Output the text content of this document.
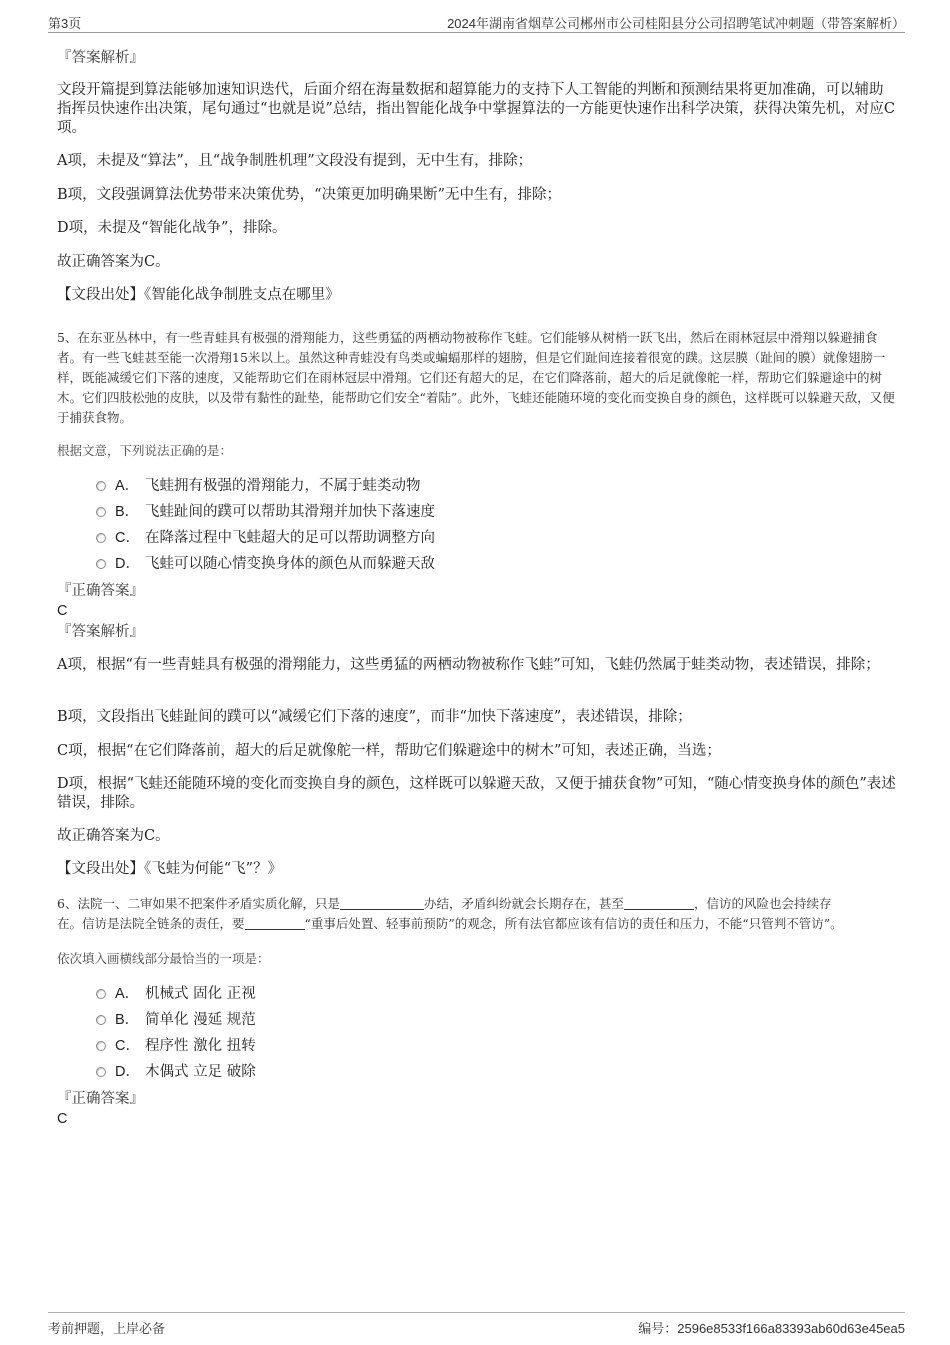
第3页	2024年湖南省烟草公司郴州市公司桂阳县分公司招聘笔试冲刺题（带答案解析）
『答案解析』

文段开篇提到算法能够加速知识迭代，后面介绍在海量数据和超算能力的支持下人工智能的判断和预测结果将更加准确，可以辅助指挥员快速作出决策，尾句通过“也就是说”总结，指出智能化战争中掌握算法的一方能更快速作出科学决策，获得决策先机，对应C项。

A项，未提及“算法”，且“战争制胜机理”文段没有提到，无中生有，排除；

B项，文段强调算法优势带来决策优势，“决策更加明确果断”无中生有，排除；

D项，未提及“智能化战争”，排除。

故正确答案为C。

【文段出处】《智能化战争制胜支点在哪里》

5、在东亚丛林中，有一些青蛙具有极强的滑翔能力，这些勇猛的两栖动物被称作飞蛙。它们能够从树梢一跃飞出，然后在雨林冠层中滑翔以躲避捕食者。有一些飞蛙甚至能一次滑翔15米以上。虽然这种青蛙没有鸟类或蝙蝠那样的翅膀，但是它们趾间连接着很宽的蹼。这层膜（趾间的膜）就像翅膀一样，既能减缓它们下落的速度，又能帮助它们在雨林冠层中滑翔。它们还有超大的足，在它们降落前，超大的后足就像舵一样，帮助它们躲避途中的树木。它们四肢松弛的皮肤，以及带有黏性的趾垫，能帮助它们安全“着陆”。此外，飞蛙还能随环境的变化而变换自身的颜色，这样既可以躲避天敌，又便于捕获食物。

根据文意，下列说法正确的是：

A． 飞蛙拥有极强的滑翔能力，不属于蛙类动物
B． 飞蛙趾间的蹼可以帮助其滑翔并加快下落速度
C． 在降落过程中飞蛙超大的足可以帮助调整方向
D． 飞蛙可以随心情变换身体的颜色从而躲避天敌
『正确答案』
C
『答案解析』

A项，根据“有一些青蛙具有极强的滑翔能力，这些勇猛的两栖动物被称作飞蛙”可知，飞蛙仍然属于蛙类动物，表述错误，排除；

B项，文段指出飞蛙趾间的蹼可以“减缓它们下落的速度”，而非“加快下落速度”，表述错误，排除；

C项，根据“在它们降落前，超大的后足就像舵一样，帮助它们躲避途中的树木”可知，表述正确，当选；

D项，根据“飞蛙还能随环境的变化而变换自身的颜色，这样既可以躲避天敌，又便于捕获食物”可知，“随心情变换身体的颜色”表述错误，排除。

故正确答案为C。

【文段出处】《飞蛙为何能“飞”？》

6、法院一、二审如果不把案件矛盾实质化解，只是	办结，矛盾纠纷就会长期存在，甚至	，信访的风险也会持续存
在。信访是法院全链条的责任，要	“重事后处置、轻事前预防”的观念，所有法官都应该有信访的责任和压力，不能“只管判不管访”。

依次填入画横线部分最恰当的一项是：

A． 机械式 固化 正视
B． 简单化 漫延 规范
C． 程序性 激化 扭转
D． 木偶式 立足 破除
『正确答案』
C
考前押题，上岸必备	编号：2596e8533f166a83393ab60d63e45ea5
